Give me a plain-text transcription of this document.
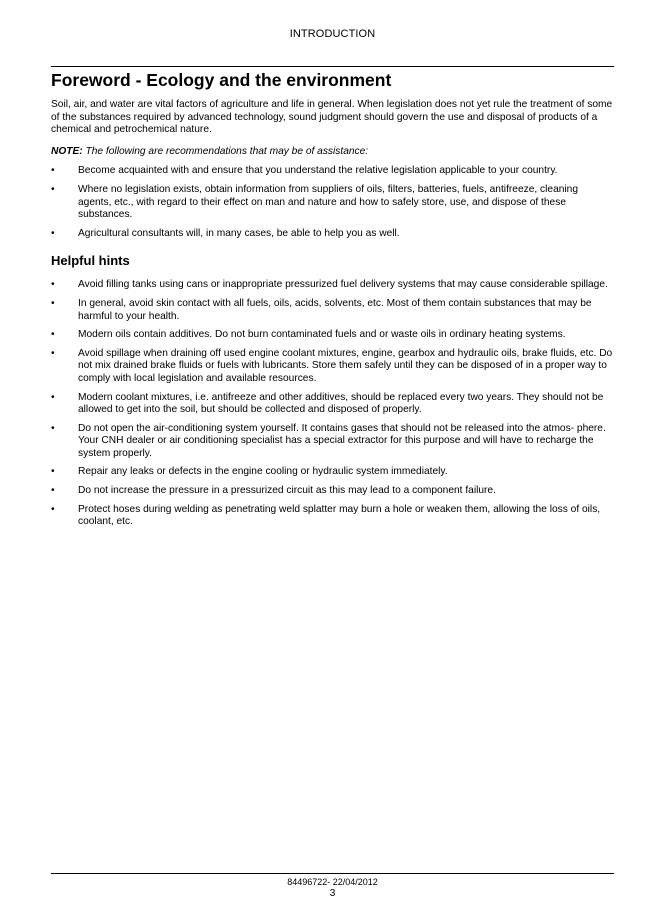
INTRODUCTION
Foreword - Ecology and the environment

Soil, air, and water are vital factors of agriculture and life in general. When legislation does not yet rule the treatment of some of the substances required by advanced technology, sound judgment should govern the use and disposal of products of a chemical and petrochemical nature.

NOTE: The following are recommendations that may be of assistance:

• Become acquainted with and ensure that you understand the relative legislation applicable to your country.
• Where no legislation exists, obtain information from suppliers of oils, filters, batteries, fuels, antifreeze, cleaning agents, etc., with regard to their effect on man and nature and how to safely store, use, and dispose of these substances.
• Agricultural consultants will, in many cases, be able to help you as well.
Helpful hints
• Avoid filling tanks using cans or inappropriate pressurized fuel delivery systems that may cause considerable spillage.
• In general, avoid skin contact with all fuels, oils, acids, solvents, etc. Most of them contain substances that may be harmful to your health.
• Modern oils contain additives. Do not burn contaminated fuels and or waste oils in ordinary heating systems.
• Avoid spillage when draining off used engine coolant mixtures, engine, gearbox and hydraulic oils, brake fluids, etc. Do not mix drained brake fluids or fuels with lubricants. Store them safely until they can be disposed of in a proper way to comply with local legislation and available resources.
• Modern coolant mixtures, i.e. antifreeze and other additives, should be replaced every two years. They should not be allowed to get into the soil, but should be collected and disposed of properly.
• Do not open the air-conditioning system yourself. It contains gases that should not be released into the atmos- phere. Your CNH dealer or air conditioning specialist has a special extractor for this purpose and will have to recharge the system properly.
• Repair any leaks or defects in the engine cooling or hydraulic system immediately.
• Do not increase the pressure in a pressurized circuit as this may lead to a component failure.
• Protect hoses during welding as penetrating weld splatter may burn a hole or weaken them, allowing the loss of oils, coolant, etc.
84496722- 22/04/2012
3
